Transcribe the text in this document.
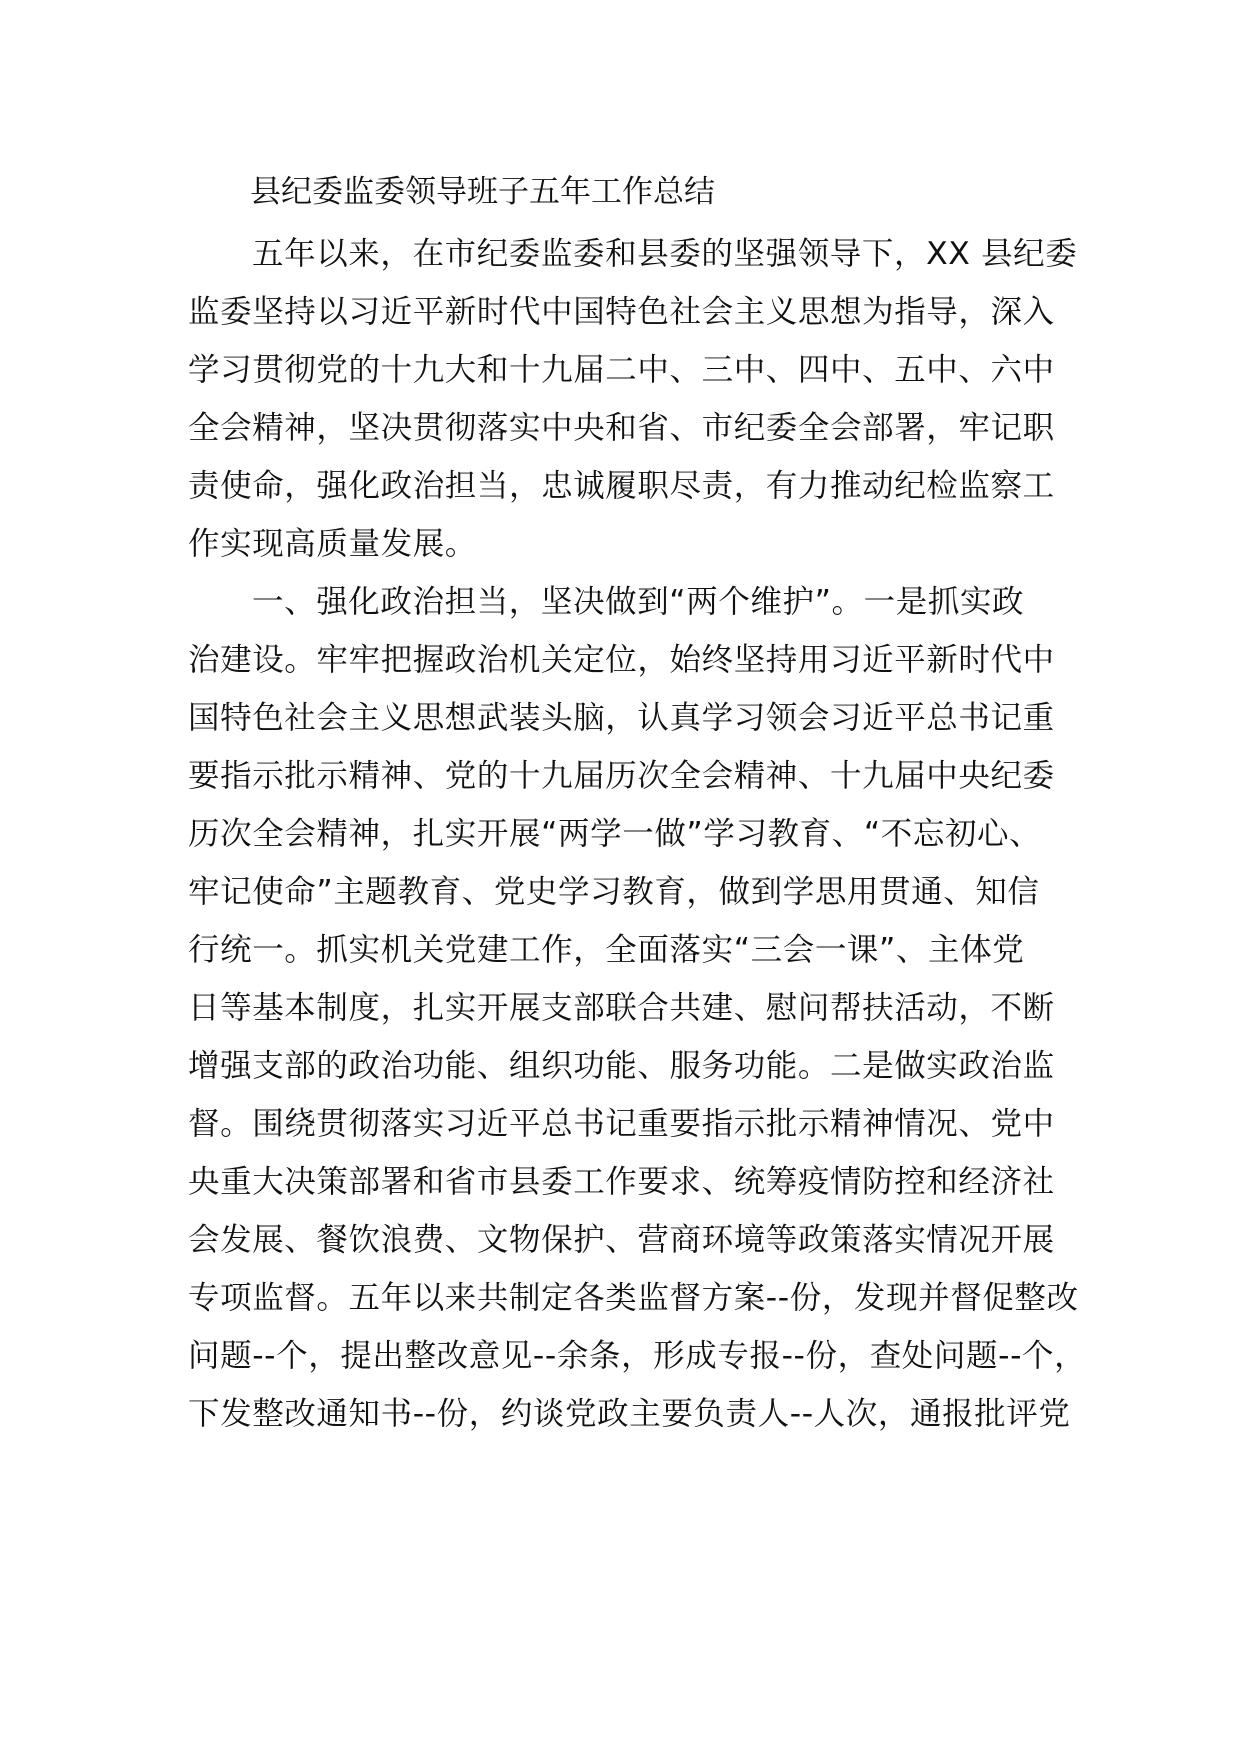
县纪委监委领导班子五年工作总结
五年以来，在市纪委监委和县委的坚强领导下，XX 县纪委
监委坚持以习近平新时代中国特色社会主义思想为指导，深入
学习贯彻党的十九大和十九届二中、三中、四中、五中、六中
全会精神，坚决贯彻落实中央和省、市纪委全会部署，牢记职
责使命，强化政治担当，忠诚履职尽责，有力推动纪检监察工
作实现高质量发展。
一、强化政治担当，坚决做到“两个维护”。一是抓实政
治建设。牢牢把握政治机关定位，始终坚持用习近平新时代中
国特色社会主义思想武装头脑，认真学习领会习近平总书记重
要指示批示精神、党的十九届历次全会精神、十九届中央纪委
历次全会精神，扎实开展“两学一做”学习教育、“不忘初心、
牢记使命”主题教育、党史学习教育，做到学思用贯通、知信
行统一。抓实机关党建工作，全面落实“三会一课”、主体党
日等基本制度，扎实开展支部联合共建、慰问帮扶活动，不断
增强支部的政治功能、组织功能、服务功能。二是做实政治监
督。围绕贯彻落实习近平总书记重要指示批示精神情况、党中
央重大决策部署和省市县委工作要求、统筹疫情防控和经济社
会发展、餐饮浪费、文物保护、营商环境等政策落实情况开展
专项监督。五年以来共制定各类监督方案--份，发现并督促整改
问题--个，提出整改意见--余条，形成专报--份，查处问题--个，
下发整改通知书--份，约谈党政主要负责人--人次，通报批评党
